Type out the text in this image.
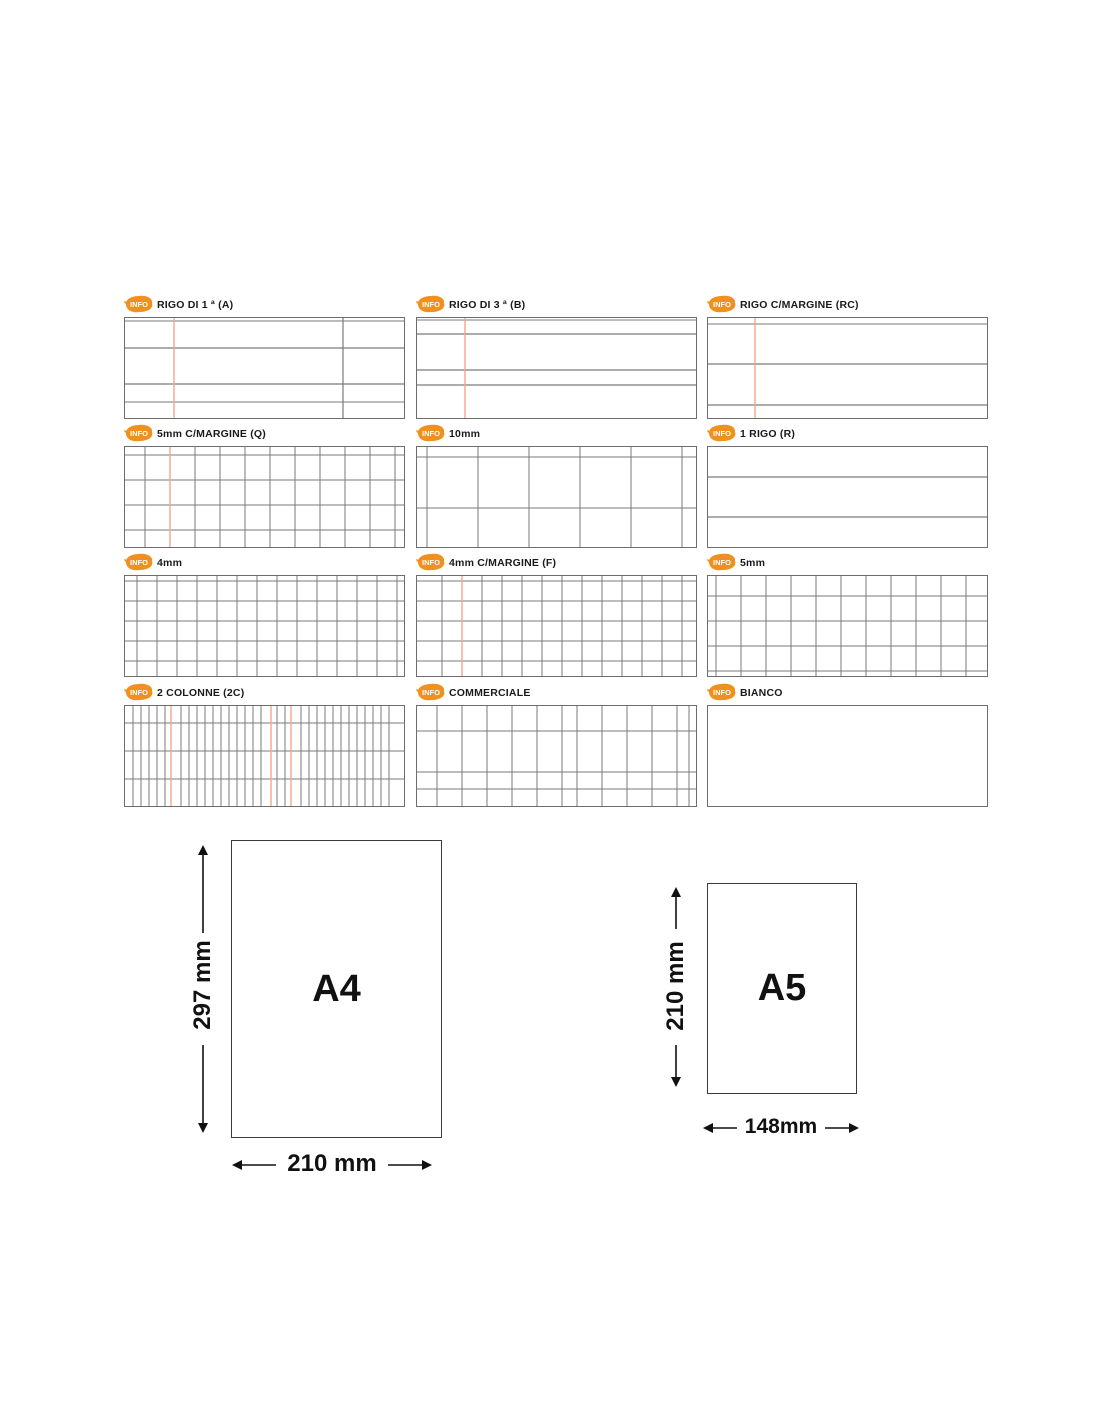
INFO RIGO DI 1 ª (A)	INFO RIGO DI 3 ª (B)	INFO RIGO C/MARGINE (RC)
INFO 5mm C/MARGINE (Q)	INFO 10mm	INFO 1 RIGO (R)
INFO 4mm	INFO 4mm C/MARGINE (F)	INFO 5mm
INFO 2 COLONNE (2C)	INFO COMMERCIALE	INFO BIANCO
A4
297 mm
210 mm
A5
210 mm
148mm
